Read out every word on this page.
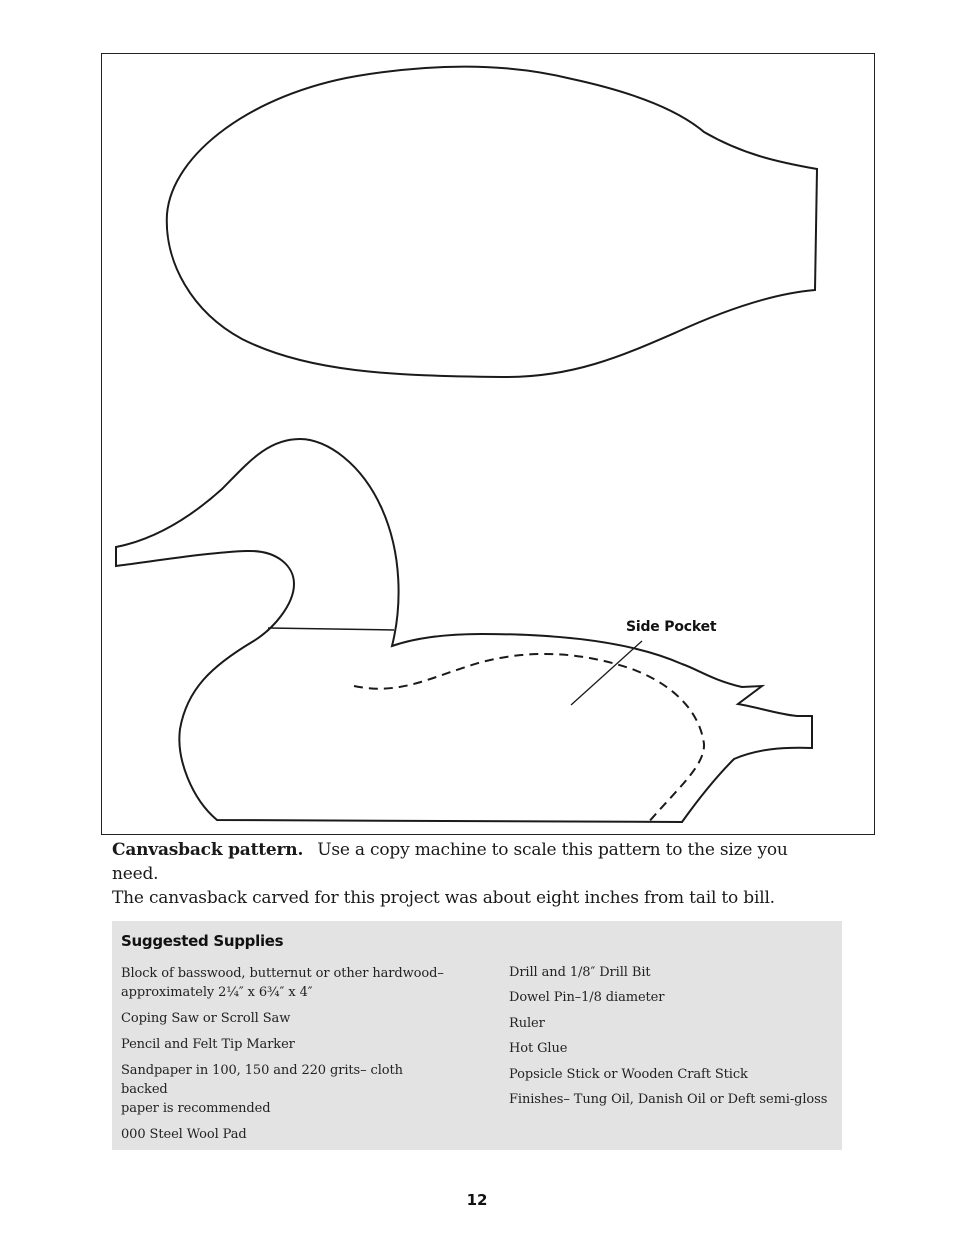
Side Pocket
Canvasback pattern. Use a copy machine to scale this pattern to the size you need.
The canvasback carved for this project was about eight inches from tail to bill.
Suggested Supplies
Block of basswood, butternut or other hardwood–
approximately 2¼″ x 6¾″ x 4″
Coping Saw or Scroll Saw
Pencil and Felt Tip Marker
Sandpaper in 100, 150 and 220 grits– cloth backed
paper is recommended
000 Steel Wool Pad
Drill and 1/8″ Drill Bit
Dowel Pin–1/8 diameter
Ruler
Hot Glue
Popsicle Stick or Wooden Craft Stick
Finishes– Tung Oil, Danish Oil or Deft semi-gloss
12
